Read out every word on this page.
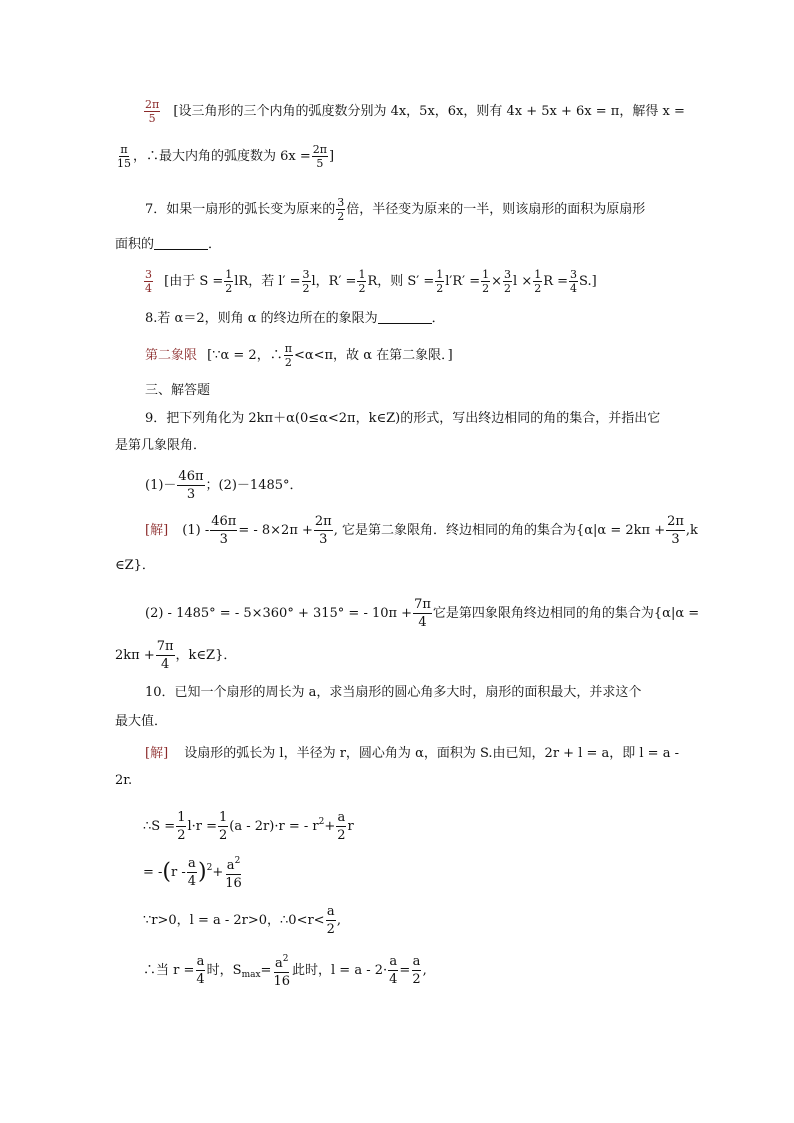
$\frac{2\pi}{5}$ [设三角形的三个内角的弧度数分别为 4x，5x，6x，则有 4x + 5x + 6x = π，解得 x =
$\frac{\pi}{15}$ ，∴最大内角的弧度数为 $6x = \frac{2\pi}{5}$ ]
7．如果一扇形的弧长变为原来的 $\frac{3}{2}$ 倍，半径变为原来的一半，则该扇形的面积为原扇形
面积的	．
$\frac{3}{4}$ [由于 $S = \frac{1}{2}$ lR，若 $l' = \frac{3}{2}$ l，$R' = \frac{1}{2}$ R，则 $S' = \frac{1}{2} l'R' = \frac{1}{2} \times \frac{3}{2}$ $l \times \frac{1}{2}$ $R = \frac{3}{4} S$.]
8.若 α＝2，则角 α 的终边所在的象限为	．
第二象限 [∵α = 2，∴ $\frac{\pi}{2} <\alpha<\pi$，故 α 在第二象限．]
三、解答题
9．把下列角化为 2kπ＋α(0≤α<2π，k∈Z)的形式，写出终边相同的角的集合，并指出它
是第几象限角．
$(1)- \frac{46\pi}{3}$ ；(2)－1485°．
[解] $(1) - \frac{46\pi}{3}$ = - $8\times 2\pi + \frac{2\pi}{3}$ , 它是第二象限角．终边相同的角的集合为{$\alpha|\alpha = 2k\pi + \frac{2\pi}{3} ,k$
∈Z}．
(2) - 1485° = - 5×360° + 315° = - $10\pi + \frac{7\pi}{4}$ 它是第四象限角终边相同的角的集合为{α|α =
$2k\pi + \frac{7\pi}{4}$ ，k∈Z}．
10．已知一个扇形的周长为 a，求当扇形的圆心角多大时，扇形的面积最大，并求这个
最大值．
[解] 设扇形的弧长为 l，半径为 r，圆心角为 α，面积为 S.由已知，2r + l = a，即 l = a -
2r.
∴S = $\frac{1}{2} l\cdot r = \frac{1}{2} (a - 2r)\cdot r$ = - $r^2+ \frac{a}{2}$ r
= $-(r - \frac{a}{4} )^2+ \frac{a^2}{16}$
∵r>0，l = a - 2r>0，∴0<r< $\frac{a}{2}$ ,
∴当 $r = \frac{a}{4}$ 时，$S_{max}= \frac{a^2}{16}$ 此时，$l = a - 2\cdot \frac{a}{4} = \frac{a}{2}$ ,
